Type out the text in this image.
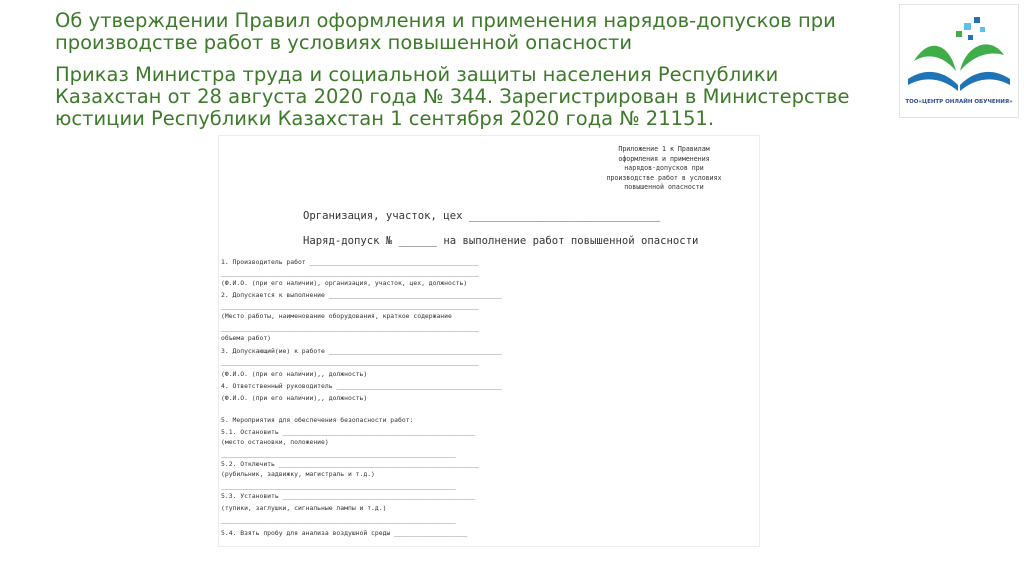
Об утверждении Правил оформления и применения нарядов-допусков при производстве работ в условиях повышенной опасности

Приказ Министра труда и социальной защиты населения Республики Казахстан от 28 августа 2020 года № 344. Зарегистрирован в Министерстве юстиции Республики Казахстан 1 сентября 2020 года № 21151.

ТОО«ЦЕНТР ОНЛАЙН ОБУЧЕНИЯ»
Приложение 1 к Правилам
оформления и применения
нарядов-допусков при
производстве работ в условиях
повышенной опасности
Организация, участок, цех ______________________________
Наряд-допуск № ______ на выполнение работ повышенной опасности
1. Производитель работ ____________________________________________
___________________________________________________________________
(Ф.И.О. (при его наличии), организация, участок, цех, должность)
2. Допускается к выполнение _____________________________________________
___________________________________________________________________
(Место работы, наименование оборудования, краткое содержание
___________________________________________________________________
объема работ)
3. Допускающий(ие) к работе _____________________________________________
___________________________________________________________________
(Ф.И.О. (при его наличии),, должность)
4. Ответственный руководитель ___________________________________________
(Ф.И.О. (при его наличии),, должность)
5. Мероприятия для обеспечения безопасности работ:
5.1. Остановить __________________________________________________
(место остановки, положение)
_____________________________________________________________
5.2. Отключить ____________________________________________________
(рубильник, задвижку, магистраль и т.д.)
_____________________________________________________________
5.3. Установить __________________________________________________
(тупики, заглушки, сигнальные лампы и т.д.)
_____________________________________________________________
5.4. Взять пробу для анализа воздушной среды ___________________
